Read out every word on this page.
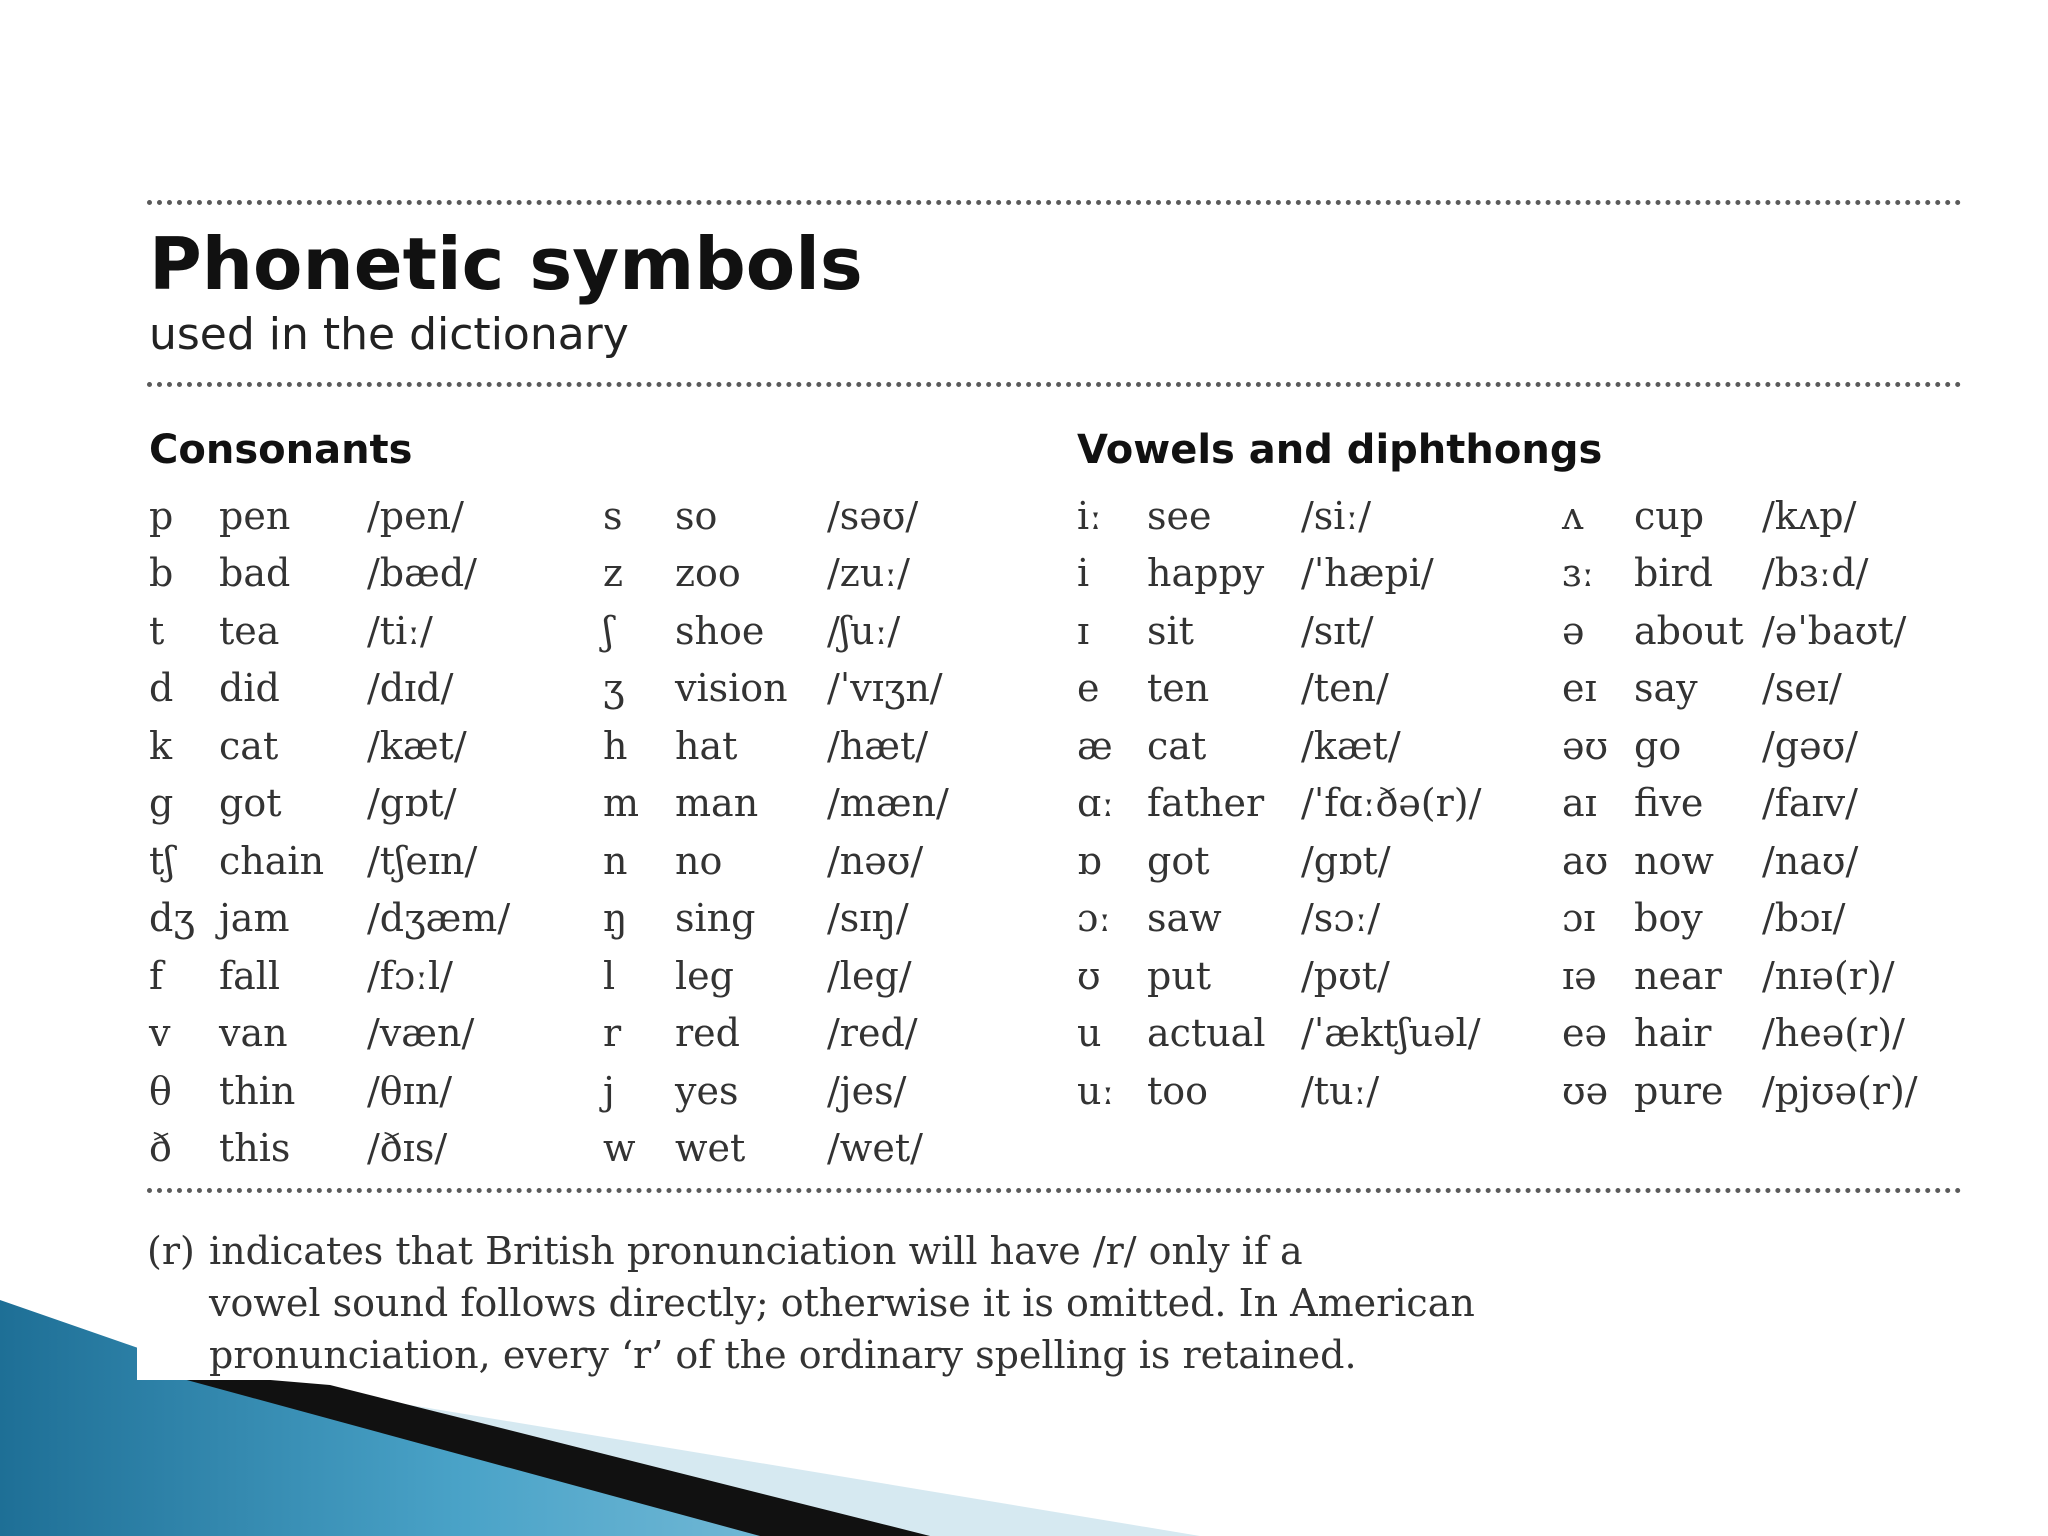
Phonetic symbols

used in the dictionary

Consonants	Vowels and diphthongs
p	pen	/pen/
b	bad	/bæd/
t	tea	/tiː/
d	did	/dɪd/
k	cat	/kæt/
g	got	/gɒt/
tʃ	chain	/tʃeɪn/
dʒ jam	/dʒæm/
f	fall	/fɔːl/
v	van	/væn/
θ	thin	/θɪn/
ð	this	/ðɪs/
s	so	/səʊ/
z	zoo	/zuː/
ʃ	shoe	/ʃuː/
ʒ	vision	/ˈvɪʒn/
h	hat	/hæt/
m man	/mæn/
n	no	/nəʊ/
ŋ	sing	/sɪŋ/
l	leg	/leg/
r	red	/red/
j	yes	/jes/
w	wet	/wet/
iː	see	/siː/
i	happy /ˈhæpi/
ɪ	sit	/sɪt/
e	ten	/ten/
æ cat	/kæt/
ɑː father /ˈfɑːðə(r)/
ɒ	got	/gɒt/
ɔː saw	/sɔː/
ʊ	put	/pʊt/
u	actual /ˈæktʃuəl/
uː too	/tuː/
ʌ	cup	/kʌp/
ɜː	bird	/bɜːd/
ə	about /əˈbaʊt/
eɪ say	/seɪ/
əʊ go	/gəʊ/
aɪ five	/faɪv/
aʊ now	/naʊ/
ɔɪ	boy	/bɔɪ/
ɪə near	/nɪə(r)/
eə hair	/heə(r)/
ʊə pure	/pjʊə(r)/
(r) indicates that British pronunciation will have /r/ only if a
vowel sound follows directly; otherwise it is omitted. In American
pronunciation, every ‘r’ of the ordinary spelling is retained.
